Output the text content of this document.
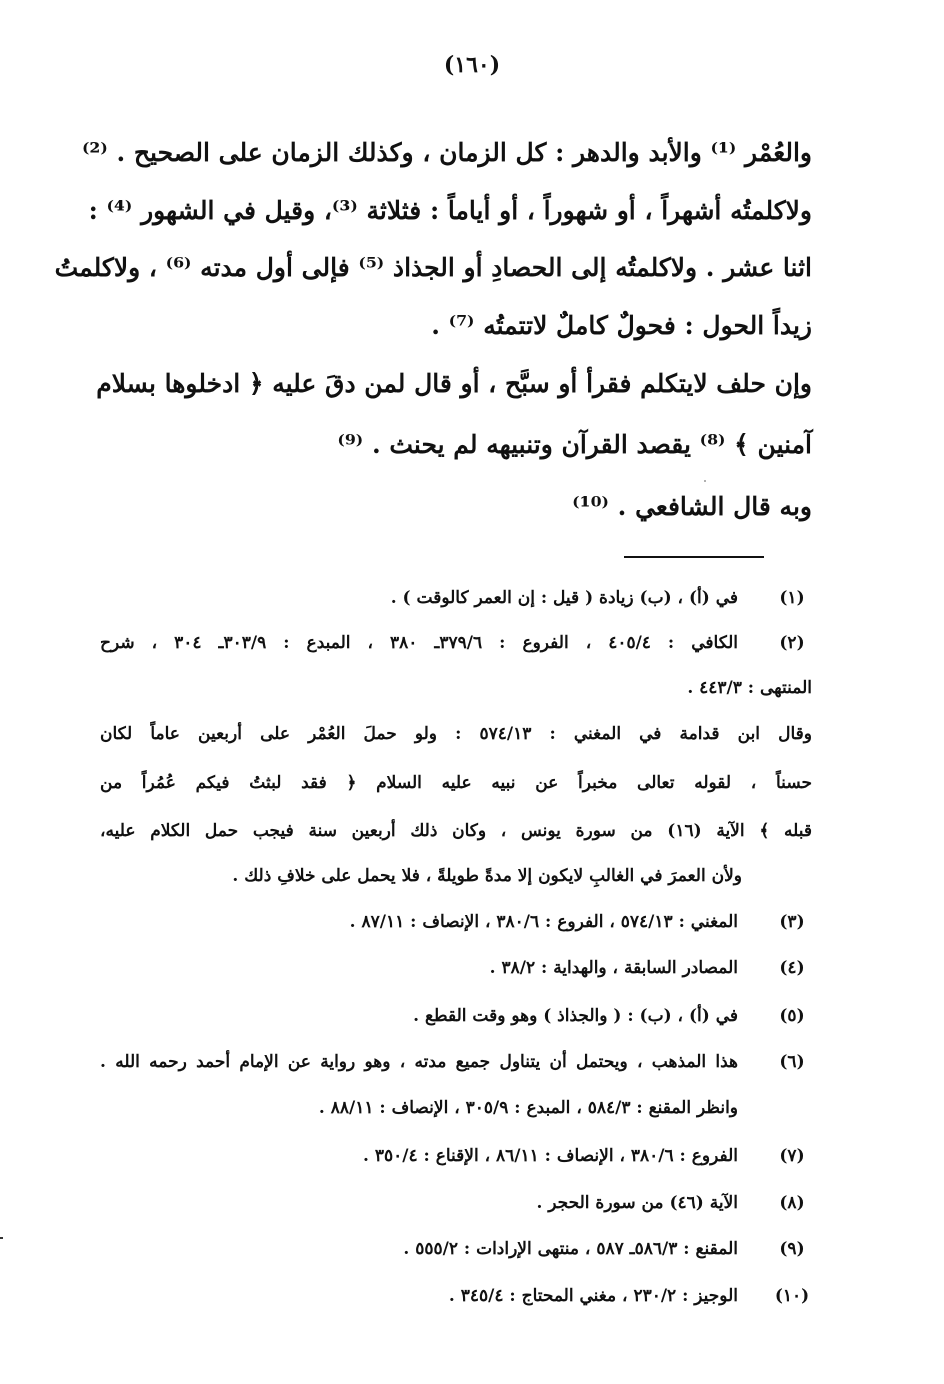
(١٦٠)
والعُمْر ⁽¹⁾ والأبد والدهر : كل الزمان ، وكذلك الزمان على الصحيح . ⁽²⁾
ولاكلمتُه أشهراً ، أو شهوراً ، أو أياماً : فثلاثة ⁽³⁾، وقيل في الشهور ⁽⁴⁾ :
اثنا عشر . ولاكلمتُه إلى الحصادِ أو الجذاذ ⁽⁵⁾ فإلى أول مدته ⁽⁶⁾ ، ولاكلمتُ
زيداً الحول : فحولٌ كاملٌ لاتتمتُه ⁽⁷⁾ .
وإن حلف لايتكلم فقرأ أو سبَّح ، أو قال لمن دقَ عليه ﴿ ادخلوها بسلام
آمنين ﴾ ⁽⁸⁾ يقصد القرآن وتنبيهه لم يحنث . ⁽⁹⁾
وبه قال الشافعي . ⁽¹⁰⁾
(١)
في (أ) ، (ب) زيادة ( قيل : إن العمر كالوقت ) .
(٢)
الكافي : ٤٠٥/٤ ، الفروع : ٣٧٩/٦ـ ٣٨٠ ، المبدع : ٣٠٣/٩ـ ٣٠٤ ، شرح
المنتهى : ٤٤٣/٣ .
وقال ابن قدامة في المغني : ٥٧٤/١٣ : ولو حملَ العُمْر على أربعين عاماً لكان
حسناً ، لقوله تعالى مخبراً عن نبيه عليه السلام ﴿ فقد لبثتُ فيكم عُمُراً من
قبله ﴾ الآية (١٦) من سورة يونس ، وكان ذلك أربعين سنة فيجب حمل الكلام عليه،
ولأن العمرَ في الغالبِ لايكون إلا مدةً طويلةً ، فلا يحمل على خلافِ ذلك .
(٣)
المغني : ٥٧٤/١٣ ، الفروع : ٣٨٠/٦ ، الإنصاف : ٨٧/١١ .
(٤)
المصادر السابقة ، والهداية : ٣٨/٢ .
(٥)
في (أ) ، (ب) : ( والجذاذ ) وهو وقت القطع .
(٦)
هذا المذهب ، ويحتمل أن يتناول جميع مدته ، وهو رواية عن الإمام أحمد رحمه الله .
وانظر المقنع : ٥٨٤/٣ ، المبدع : ٣٠٥/٩ ، الإنصاف : ٨٨/١١ .
(٧)
الفروع : ٣٨٠/٦ ، الإنصاف : ٨٦/١١ ، الإقناع : ٣٥٠/٤ .
(٨)
الآية (٤٦) من سورة الحجر .
(٩)
المقنع : ٥٨٦/٣ـ ٥٨٧ ، منتهى الإرادات : ٥٥٥/٢ .
(١٠)
الوجيز : ٢٣٠/٢ ، مغني المحتاج : ٣٤٥/٤ .
